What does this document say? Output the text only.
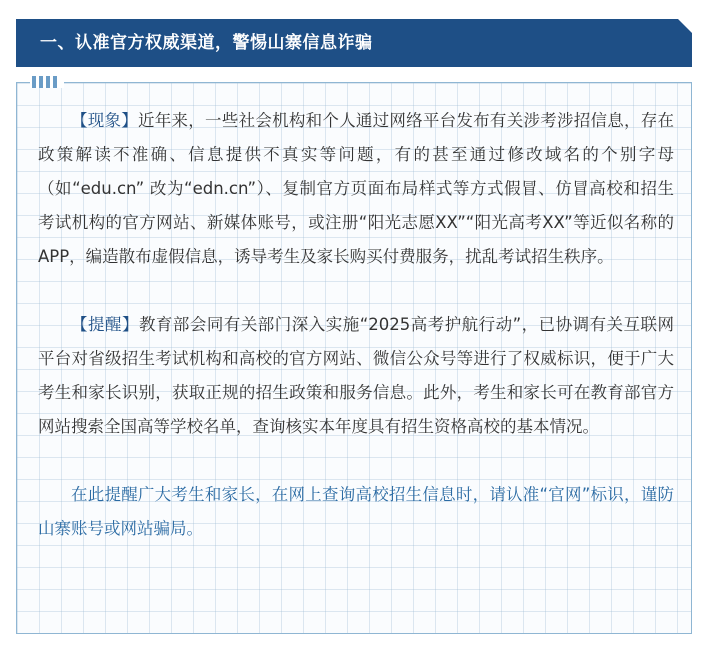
一、认准官方权威渠道，警惕山寨信息诈骗

【现象】近年来，一些社会机构和个人通过网络平台发布有关涉考涉招信息，存在政策解读不准确、信息提供不真实等问题，有的甚至通过修改域名的个别字母（如“edu.cn” 改为“edn.cn”）、复制官方页面布局样式等方式假冒、仿冒高校和招生考试机构的官方网站、新媒体账号，或注册“阳光志愿XX”“阳光高考XX”等近似名称的APP，编造散布虚假信息，诱导考生及家长购买付费服务，扰乱考试招生秩序。

【提醒】教育部会同有关部门深入实施“2025高考护航行动”，已协调有关互联网平台对省级招生考试机构和高校的官方网站、微信公众号等进行了权威标识，便于广大考生和家长识别，获取正规的招生政策和服务信息。此外，考生和家长可在教育部官方网站搜索全国高等学校名单，查询核实本年度具有招生资格高校的基本情况。

在此提醒广大考生和家长，在网上查询高校招生信息时，请认准“官网”标识，谨防山寨账号或网站骗局。
